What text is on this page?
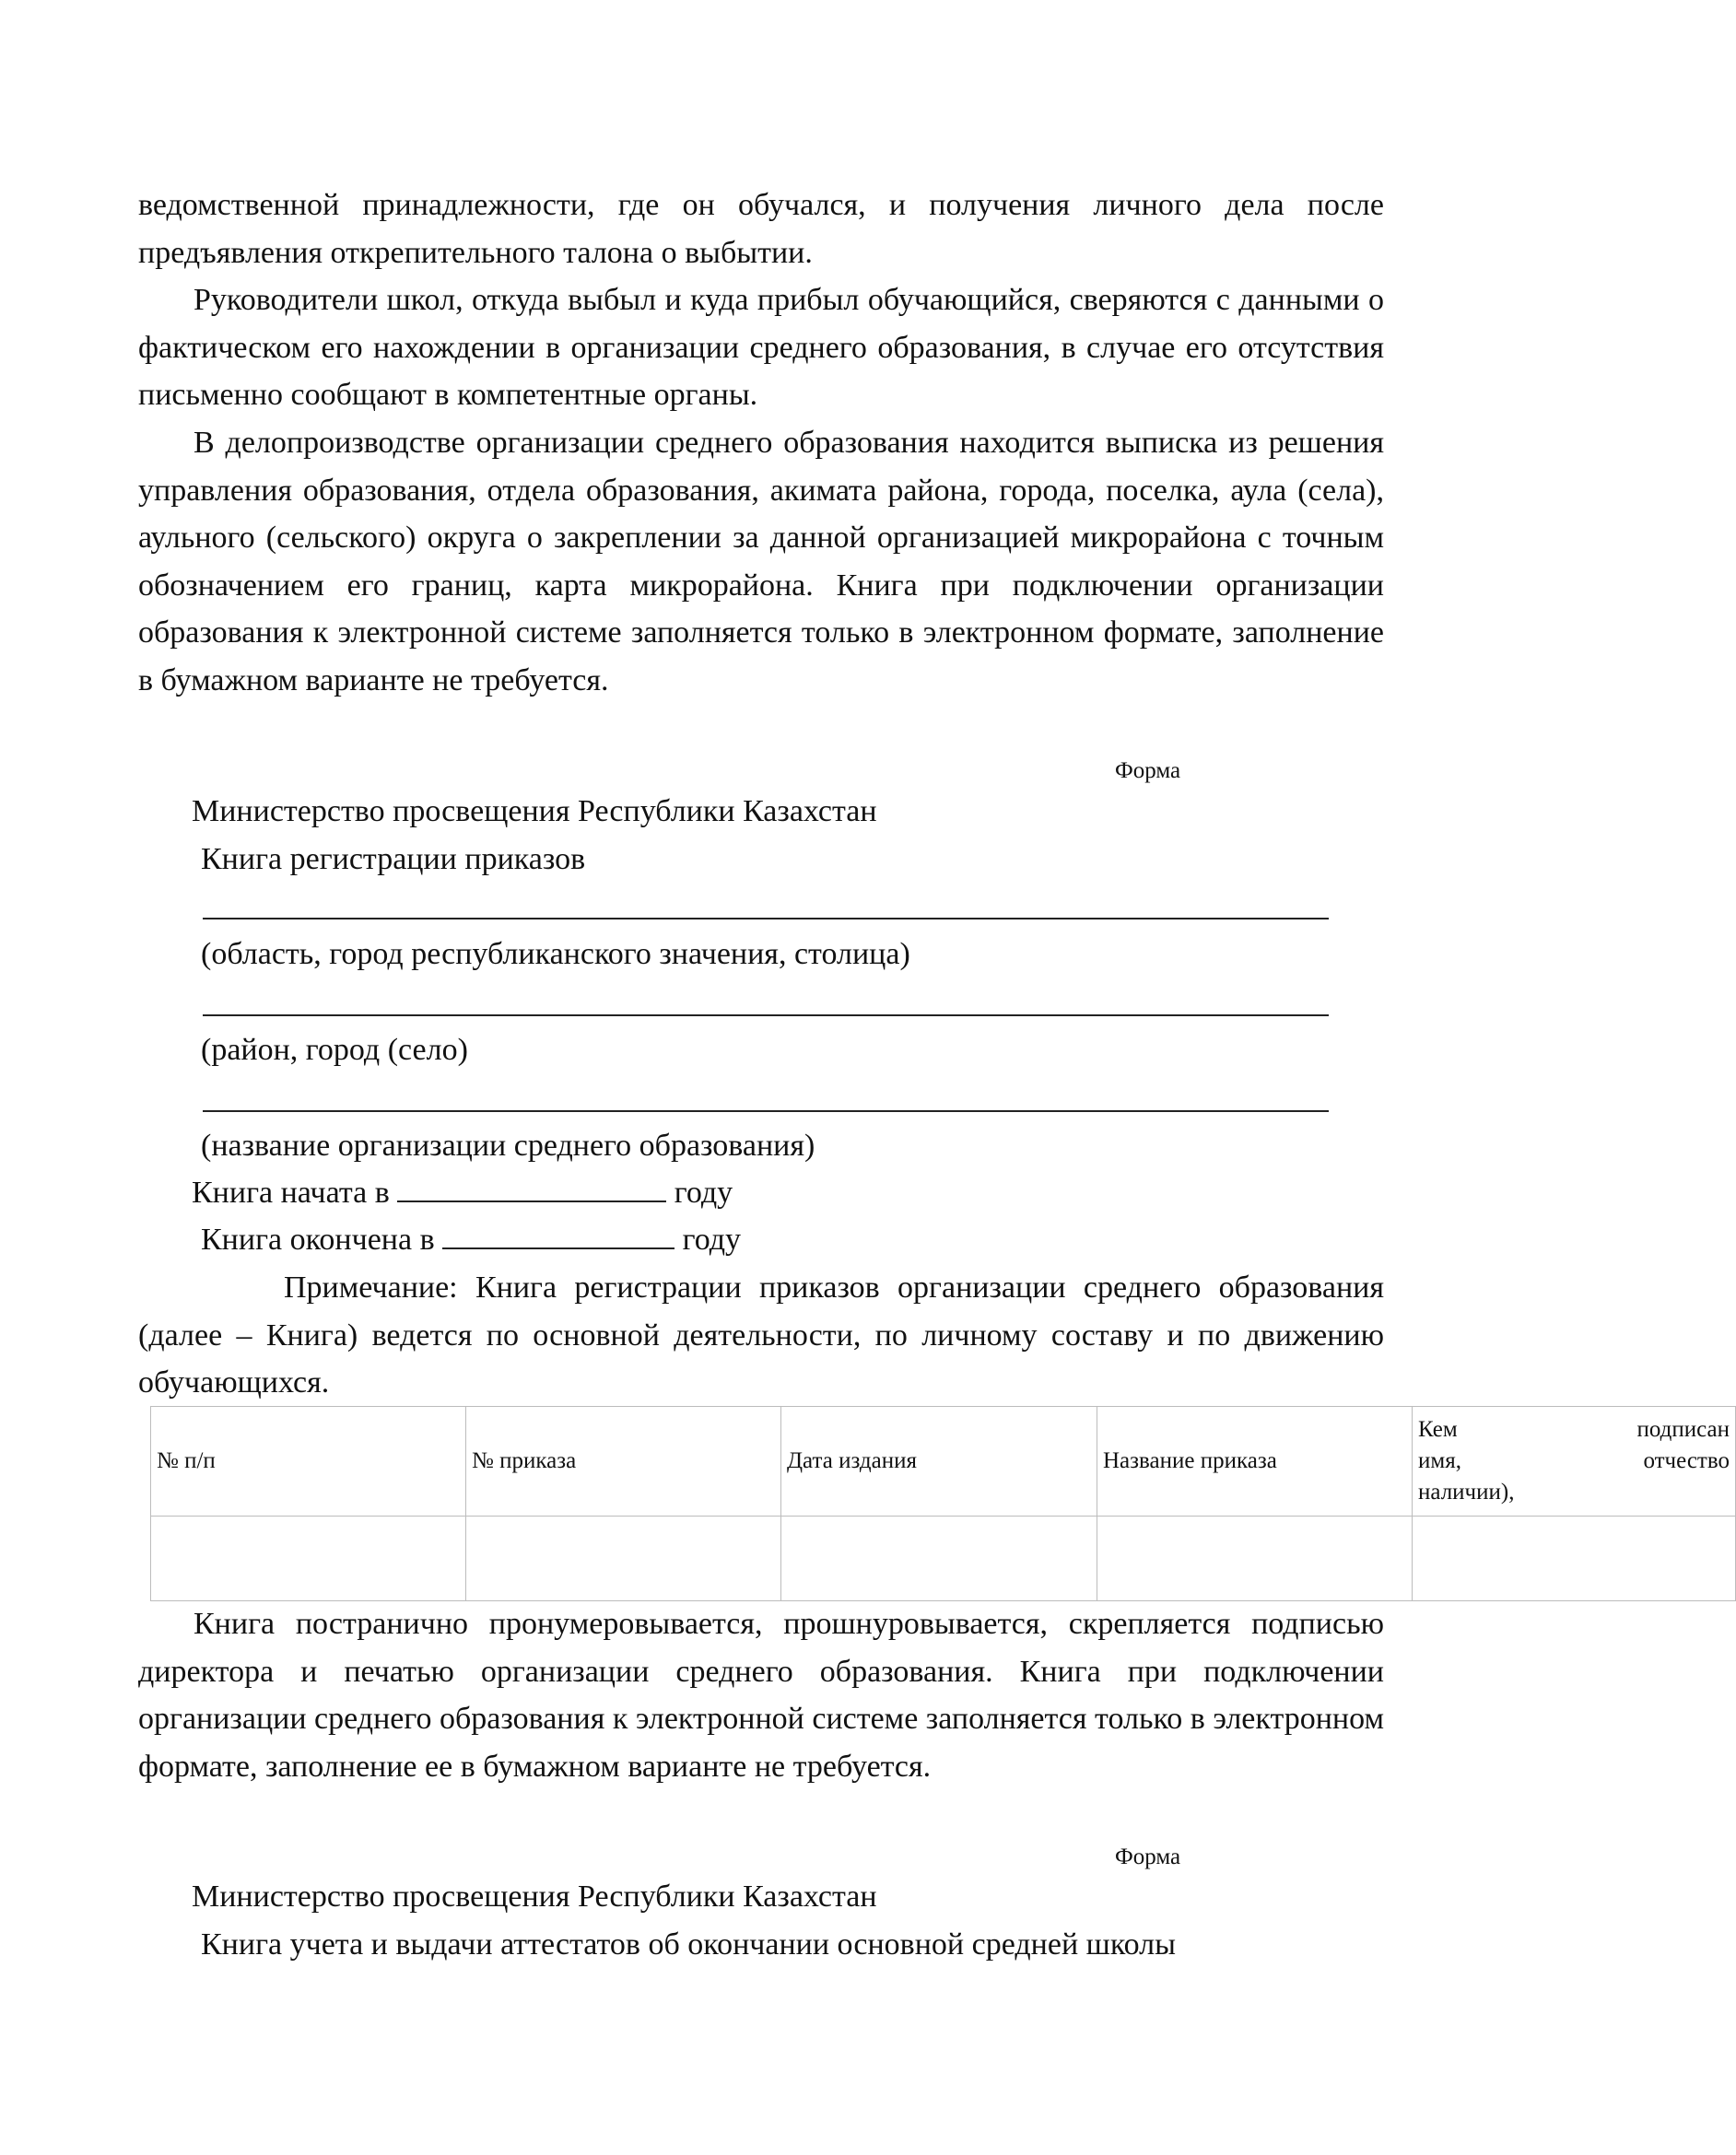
ведомственной принадлежности, где он обучался, и получения личного дела после предъявления открепительного талона о выбытии.

Руководители школ, откуда выбыл и куда прибыл обучающийся, сверяются с данными о фактическом его нахождении в организации среднего образования, в случае его отсутствия письменно сообщают в компетентные органы.

В делопроизводстве организации среднего образования находится выписка из решения управления образования, отдела образования, акимата района, города, поселка, аула (села), аульного (сельского) округа о закреплении за данной организацией микрорайона с точным обозначением его границ, карта микрорайона. Книга при подключении организации образования к электронной системе заполняется только в электронном формате, заполнение в бумажном варианте не требуется.

Форма

Министерство просвещения Республики Казахстан

Книга регистрации приказов

(область, город республиканского значения, столица)

(район, город (село)

(название организации среднего образования)

Книга начата в	году

Книга окончена в	году

Примечание: Книга регистрации приказов организации среднего образования (далее – Книга) ведется по основной деятельности, по личному составу и по движению обучающихся.

№ п/п	№ приказа	Дата издания	Название приказа	Кем подписан
имя, отчество
наличии),

Книга постранично пронумеровывается, прошнуровывается, скрепляется подписью директора и печатью организации среднего образования. Книга при подключении организации среднего образования к электронной системе заполняется только в электронном формате, заполнение ее в бумажном варианте не требуется.

Форма

Министерство просвещения Республики Казахстан

Книга учета и выдачи аттестатов об окончании основной средней школы
